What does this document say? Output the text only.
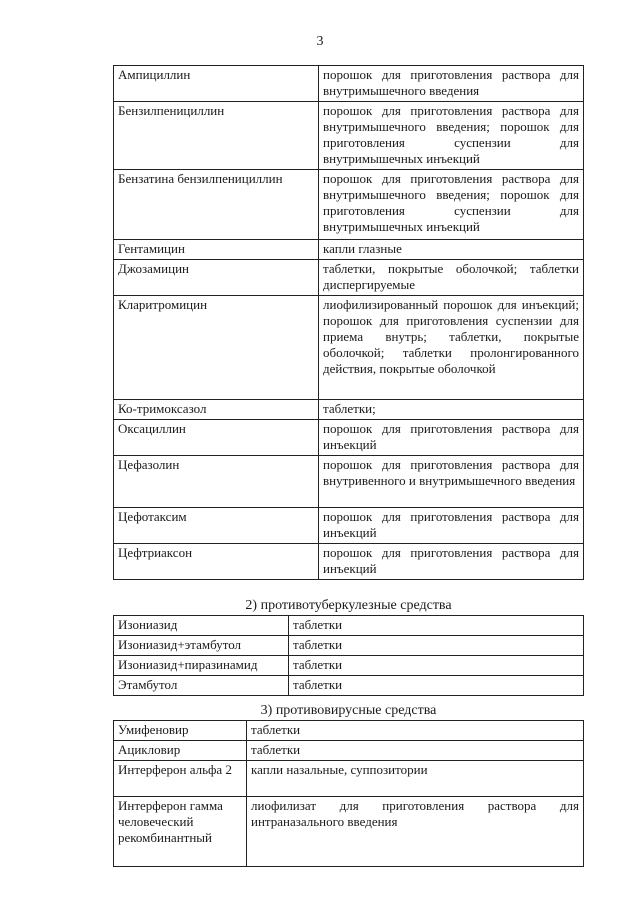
3
Ампициллин	порошок для приготовления раствора для внутримышечного введения
Бензилпенициллин	порошок для приготовления раствора для внутримышечного введения; порошок для приготовления суспензии для внутримышечных инъекций
Бензатина бензилпенициллин	порошок для приготовления раствора для внутримышечного введения; порошок для приготовления суспензии для внутримышечных инъекций
Гентамицин	капли глазные
Джозамицин	таблетки, покрытые оболочкой; таблетки диспергируемые
Кларитромицин	лиофилизированный порошок для инъекций; порошок для приготовления суспензии для приема внутрь; таблетки, покрытые оболочкой; таблетки пролонгированного действия, покрытые оболочкой
Ко-тримоксазол	таблетки;
Оксациллин	порошок для приготовления раствора для инъекций
Цефазолин	порошок для приготовления раствора для внутривенного и внутримышечного введения
Цефотаксим	порошок для приготовления раствора для инъекций
Цефтриаксон	порошок для приготовления раствора для инъекций
2) противотуберкулезные средства
Изониазид	таблетки
Изониазид+этамбутол	таблетки
Изониазид+пиразинамид	таблетки
Этамбутол	таблетки
3) противовирусные средства
Умифеновир	таблетки
Ацикловир	таблетки
Интерферон альфа 2	капли назальные, суппозитории
Интерферон гамма человеческий рекомбинантный	лиофилизат для приготовления раствора для интраназального введения
